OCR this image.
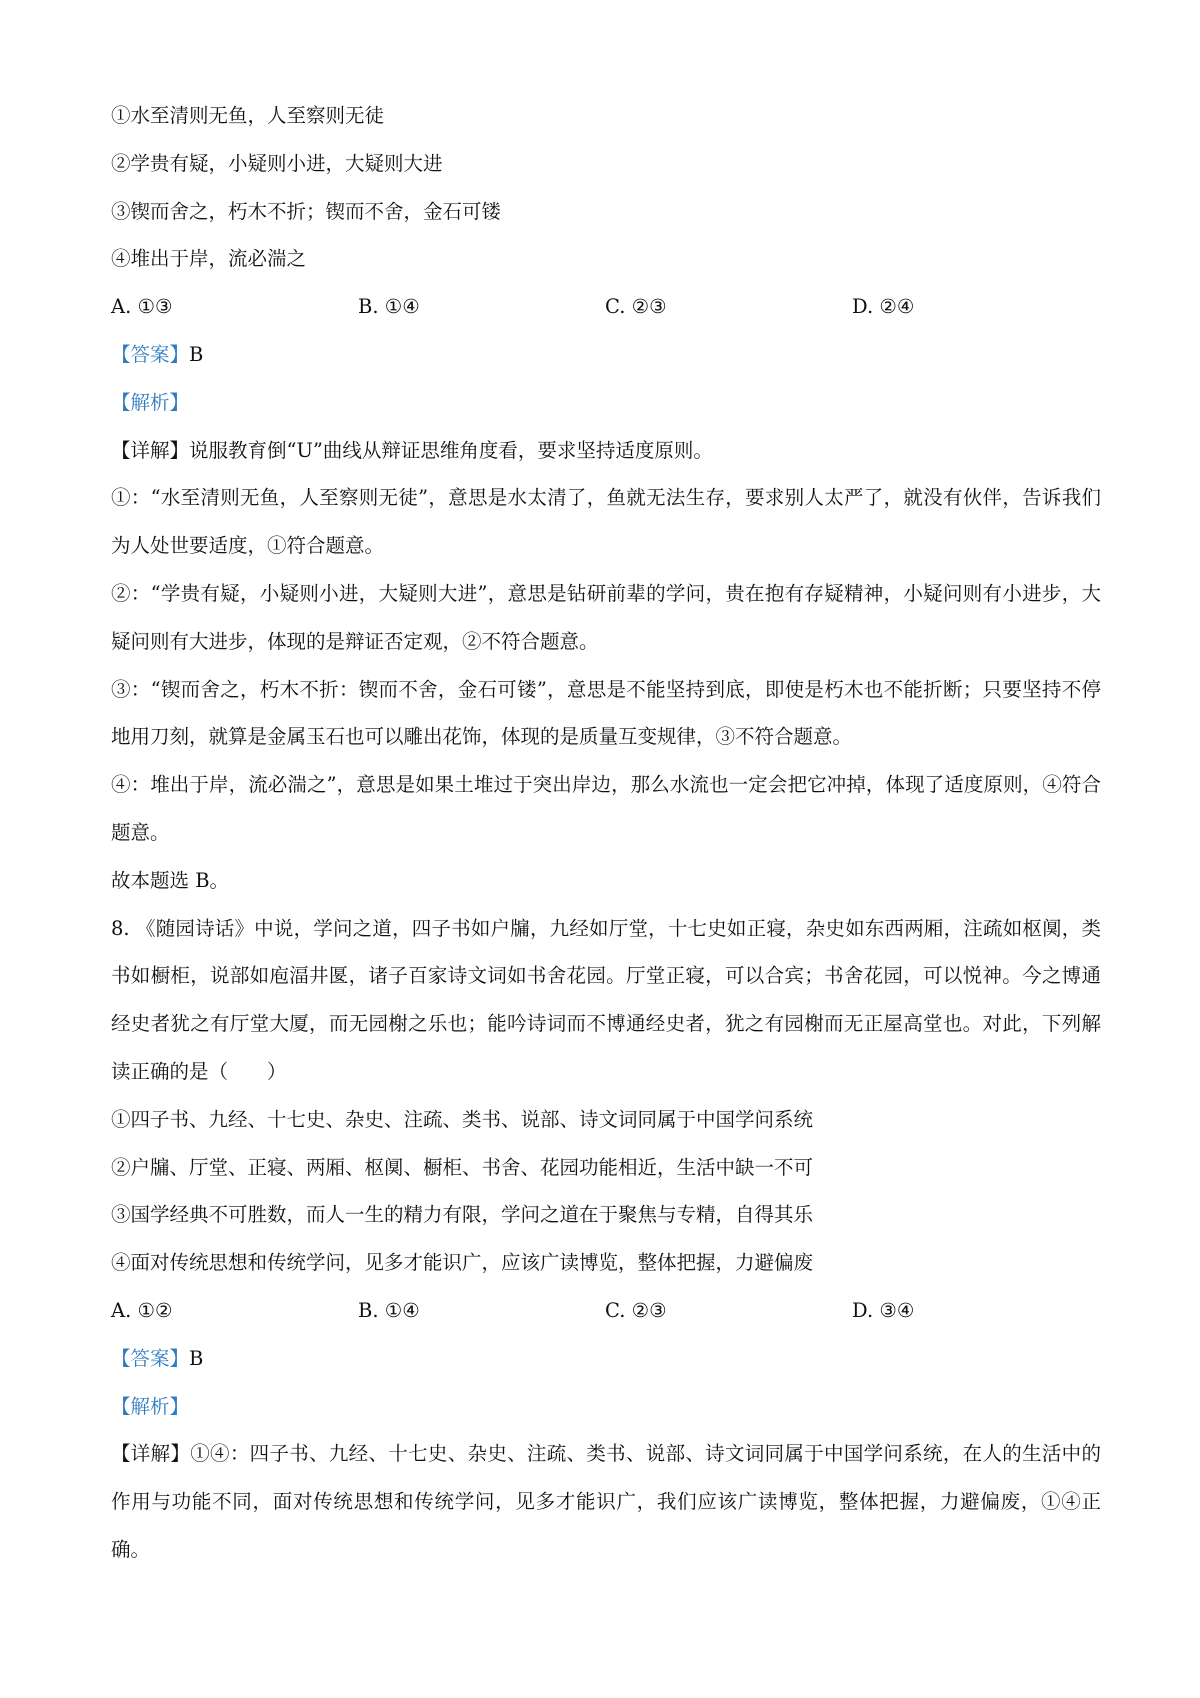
①水至清则无鱼，人至察则无徒
②学贵有疑，小疑则小进，大疑则大进
③锲而舍之，朽木不折；锲而不舍，金石可镂
④堆出于岸，流必湍之
A. ①③	B. ①④	C. ②③	D. ②④
【答案】B
【解析】
【详解】说服教育倒“U”曲线从辩证思维角度看，要求坚持适度原则。
①：“水至清则无鱼，人至察则无徒”，意思是水太清了，鱼就无法生存，要求别人太严了，就没有伙伴，告诉我们为人处世要适度，①符合题意。
②：“学贵有疑，小疑则小进，大疑则大进”，意思是钻研前辈的学问，贵在抱有存疑精神，小疑问则有小进步，大疑问则有大进步，体现的是辩证否定观，②不符合题意。
③：“锲而舍之，朽木不折：锲而不舍，金石可镂”，意思是不能坚持到底，即使是朽木也不能折断；只要坚持不停地用刀刻，就算是金属玉石也可以雕出花饰，体现的是质量互变规律，③不符合题意。
④：堆出于岸，流必湍之”，意思是如果土堆过于突出岸边，那么水流也一定会把它冲掉，体现了适度原则，④符合题意。
故本题选 B。
8. 《随园诗话》中说，学问之道，四子书如户牖，九经如厅堂，十七史如正寝，杂史如东西两厢，注疏如枢阒，类书如橱柜，说部如庖湢井匽，诸子百家诗文词如书舍花园。厅堂正寝，可以合宾；书舍花园，可以悦神。今之博通经史者犹之有厅堂大厦，而无园榭之乐也；能吟诗词而不博通经史者，犹之有园榭而无正屋高堂也。对此，下列解读正确的是（　　）
①四子书、九经、十七史、杂史、注疏、类书、说部、诗文词同属于中国学问系统
②户牖、厅堂、正寝、两厢、枢阒、橱柜、书舍、花园功能相近，生活中缺一不可
③国学经典不可胜数，而人一生的精力有限，学问之道在于聚焦与专精，自得其乐
④面对传统思想和传统学问，见多才能识广，应该广读博览，整体把握，力避偏废
A. ①②	B. ①④	C. ②③	D. ③④
【答案】B
【解析】
【详解】①④：四子书、九经、十七史、杂史、注疏、类书、说部、诗文词同属于中国学问系统，在人的生活中的作用与功能不同，面对传统思想和传统学问，见多才能识广，我们应该广读博览，整体把握，力避偏废，①④正确。
